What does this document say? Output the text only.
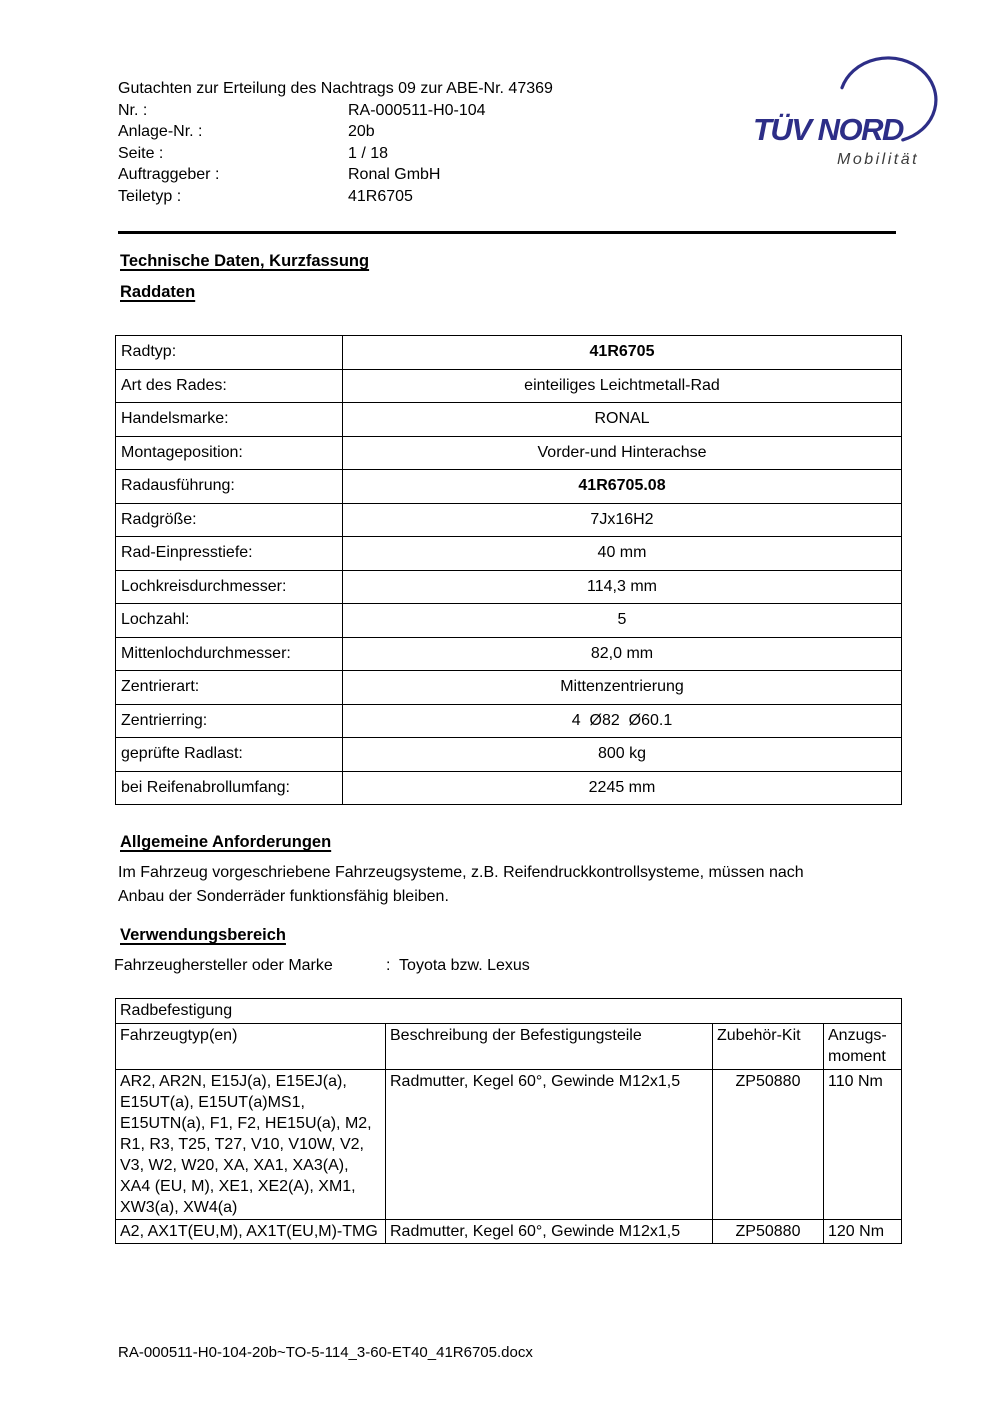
Gutachten zur Erteilung des Nachtrags 09 zur ABE-Nr. 47369
Nr. :	RA-000511-H0-104
Anlage-Nr. :	20b
Seite :	1 / 18
Auftraggeber :	Ronal GmbH
Teiletyp :	41R6705
TÜV NORD
Mobilität
Technische Daten, Kurzfassung
Raddaten
Radtyp:	41R6705
Art des Rades:	einteiliges Leichtmetall-Rad
Handelsmarke:	RONAL
Montageposition:	Vorder-und Hinterachse
Radausführung:	41R6705.08
Radgröße:	7Jx16H2
Rad-Einpresstiefe:	40 mm
Lochkreisdurchmesser:	114,3 mm
Lochzahl:	5
Mittenlochdurchmesser:	82,0 mm
Zentrierart:	Mittenzentrierung
Zentrierring:	4  Ø82  Ø60.1
geprüfte Radlast:	800 kg
bei Reifenabrollumfang:	2245 mm
Allgemeine Anforderungen
Im Fahrzeug vorgeschriebene Fahrzeugsysteme, z.B. Reifendruckkontrollsysteme, müssen nach Anbau der Sonderräder funktionsfähig bleiben.
Verwendungsbereich
Fahrzeughersteller oder Marke	:  Toyota bzw. Lexus
Radbefestigung			
Fahrzeugtyp(en)	Beschreibung der Befestigungsteile	Zubehör-Kit	Anzugs-moment
AR2, AR2N, E15J(a), E15EJ(a), E15UT(a), E15UT(a)MS1, E15UTN(a), F1, F2, HE15U(a), M2, R1, R3, T25, T27, V10, V10W, V2, V3, W2, W20, XA, XA1, XA3(A), XA4 (EU, M), XE1, XE2(A), XM1, XW3(a), XW4(a)	Radmutter, Kegel 60°, Gewinde M12x1,5	ZP50880	110 Nm
A2, AX1T(EU,M), AX1T(EU,M)-TMG	Radmutter, Kegel 60°, Gewinde M12x1,5	ZP50880	120 Nm
RA-000511-H0-104-20b~TO-5-114_3-60-ET40_41R6705.docx
